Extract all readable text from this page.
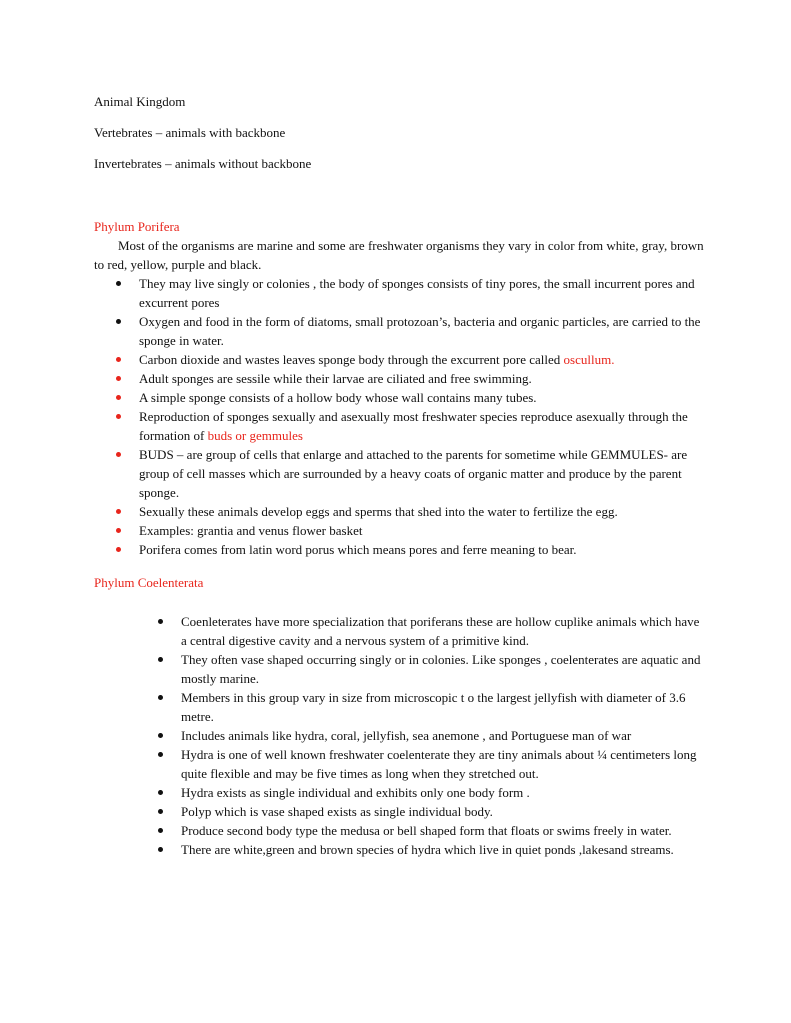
Animal Kingdom

Vertebrates – animals with backbone

Invertebrates – animals without backbone

Phylum Porifera

Most of the organisms are marine and some are freshwater organisms they vary in color from white, gray, brown to red, yellow, purple and black.

They may live singly or colonies , the body of sponges consists of tiny pores, the small incurrent pores and excurrent pores
Oxygen and food in the form of diatoms, small protozoan’s, bacteria and organic particles, are carried to the sponge in water.
Carbon dioxide and wastes leaves sponge body through the excurrent pore called oscullum.
Adult sponges are sessile while their larvae are ciliated and free swimming.
A simple sponge consists of a hollow body whose wall contains many tubes.
Reproduction of sponges sexually and asexually most freshwater species reproduce asexually through the formation of buds or gemmules
BUDS – are group of cells that enlarge and attached to the parents for sometime while GEMMULES- are group of cell masses which are surrounded by a heavy coats of organic matter and produce by the parent sponge.
Sexually these animals develop eggs and sperms that shed into the water to fertilize the egg.
Examples: grantia and venus flower basket
Porifera comes from latin word porus which means pores and ferre meaning to bear.

Phylum Coelenterata

Coenleterates have more specialization that poriferans these are hollow cuplike animals which have a central digestive cavity and a nervous system of a primitive kind.
They often vase shaped occurring singly or in colonies. Like sponges , coelenterates are aquatic and mostly marine.
Members in this group vary in size from microscopic t o the largest jellyfish with diameter of 3.6 metre.
Includes animals like hydra, coral, jellyfish, sea anemone , and Portuguese man of war
Hydra is one of well known freshwater coelenterate they are tiny animals about ¼ centimeters long quite flexible and may be five times as long when they stretched out.
Hydra exists as single individual and exhibits only one body form .
Polyp which is vase shaped exists as single individual body.
Produce second body type the medusa or bell shaped form that floats or swims freely in water.
There are white,green and brown species of hydra which live in quiet ponds ,lakesand streams.
